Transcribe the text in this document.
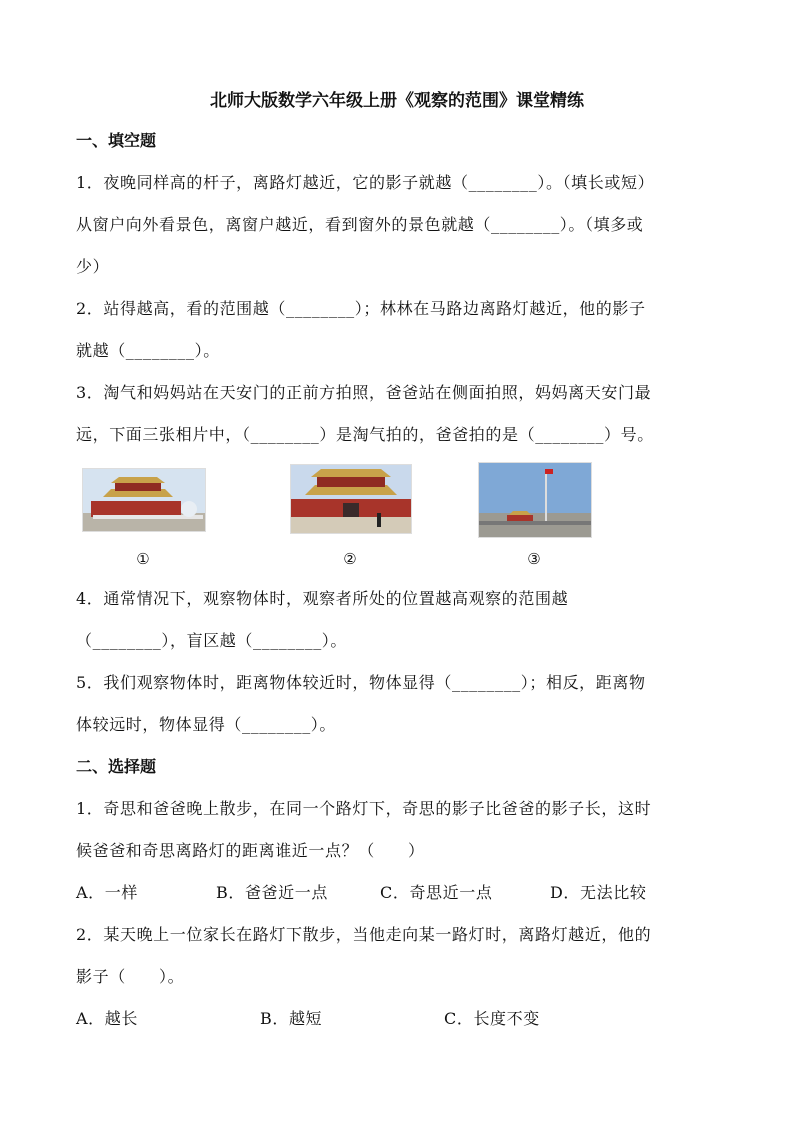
北师大版数学六年级上册《观察的范围》课堂精练
一、填空题
1．夜晚同样高的杆子，离路灯越近，它的影子就越（________）。（填长或短）
从窗户向外看景色，离窗户越近，看到窗外的景色就越（________）。（填多或
少）
2．站得越高，看的范围越（________）；林林在马路边离路灯越近，他的影子
就越（________）。
3．淘气和妈妈站在天安门的正前方拍照，爸爸站在侧面拍照，妈妈离天安门最
远，下面三张相片中，（________）是淘气拍的，爸爸拍的是（________）号。
①	②	③
4．通常情况下，观察物体时，观察者所处的位置越高观察的范围越
（________），盲区越（________）。
5．我们观察物体时，距离物体较近时，物体显得（________）；相反，距离物
体较远时，物体显得（________）。
二、选择题
1．奇思和爸爸晚上散步，在同一个路灯下，奇思的影子比爸爸的影子长，这时
候爸爸和奇思离路灯的距离谁近一点？（　　）
A．一样	B．爸爸近一点	C．奇思近一点	D．无法比较
2．某天晚上一位家长在路灯下散步，当他走向某一路灯时，离路灯越近，他的
影子（　　）。
A．越长	B．越短	C．长度不变
